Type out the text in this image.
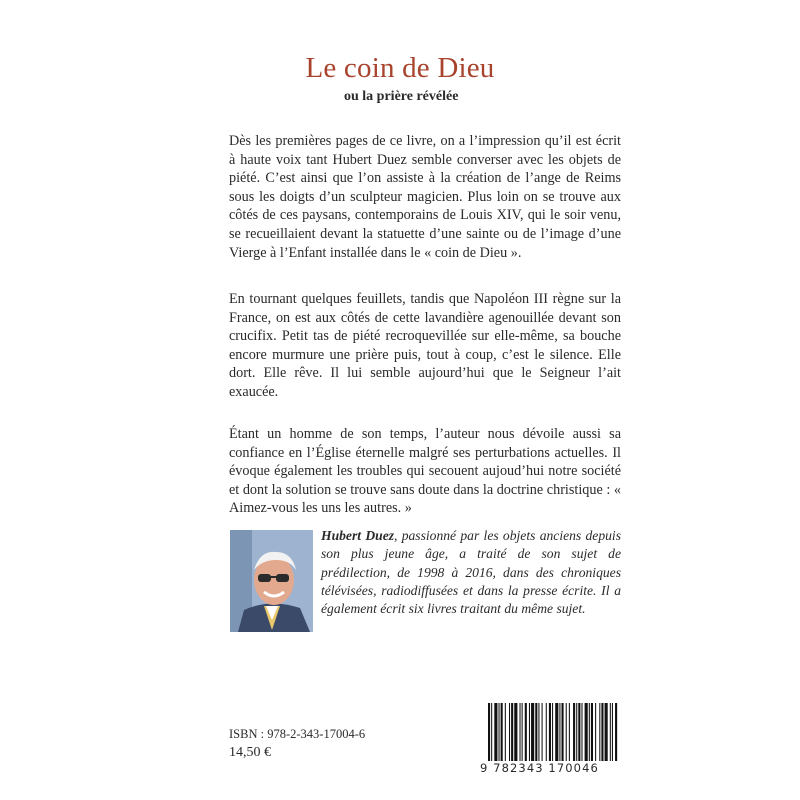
Le coin de Dieu
ou la prière révélée

Dès les premières pages de ce livre, on a l’impression qu’il est écrit à haute voix tant Hubert Duez semble converser avec les objets de piété. C’est ainsi que l’on assiste à la création de l’ange de Reims sous les doigts d’un sculpteur magicien. Plus loin on se trouve aux côtés de ces paysans, contemporains de Louis XIV, qui le soir venu, se recueillaient devant la statuette d’une sainte ou de l’image d’une Vierge à l’Enfant installée dans le « coin de Dieu ».

En tournant quelques feuillets, tandis que Napoléon III règne sur la France, on est aux côtés de cette lavandière agenouillée devant son crucifix. Petit tas de piété recroquevillée sur elle-même, sa bouche encore murmure une prière puis, tout à coup, c’est le silence. Elle dort. Elle rêve. Il lui semble aujourd’hui que le Seigneur l’ait exaucée.

Étant un homme de son temps, l’auteur nous dévoile aussi sa confiance en l’Église éternelle malgré ses perturbations actuelles. Il évoque également les troubles qui secouent aujoud’hui notre société et dont la solution se trouve sans doute dans la doctrine christique : « Aimez-vous les uns les autres. »

Hubert Duez, passionné par les objets anciens depuis son plus jeune âge, a traité de son sujet de prédilection, de 1998 à 2016, dans des chroniques télévisées, radiodiffusées et dans la presse écrite. Il a également écrit six livres traitant du même sujet.
ISBN : 978-2-343-17004-6
14,50 €
9 782343 170046
